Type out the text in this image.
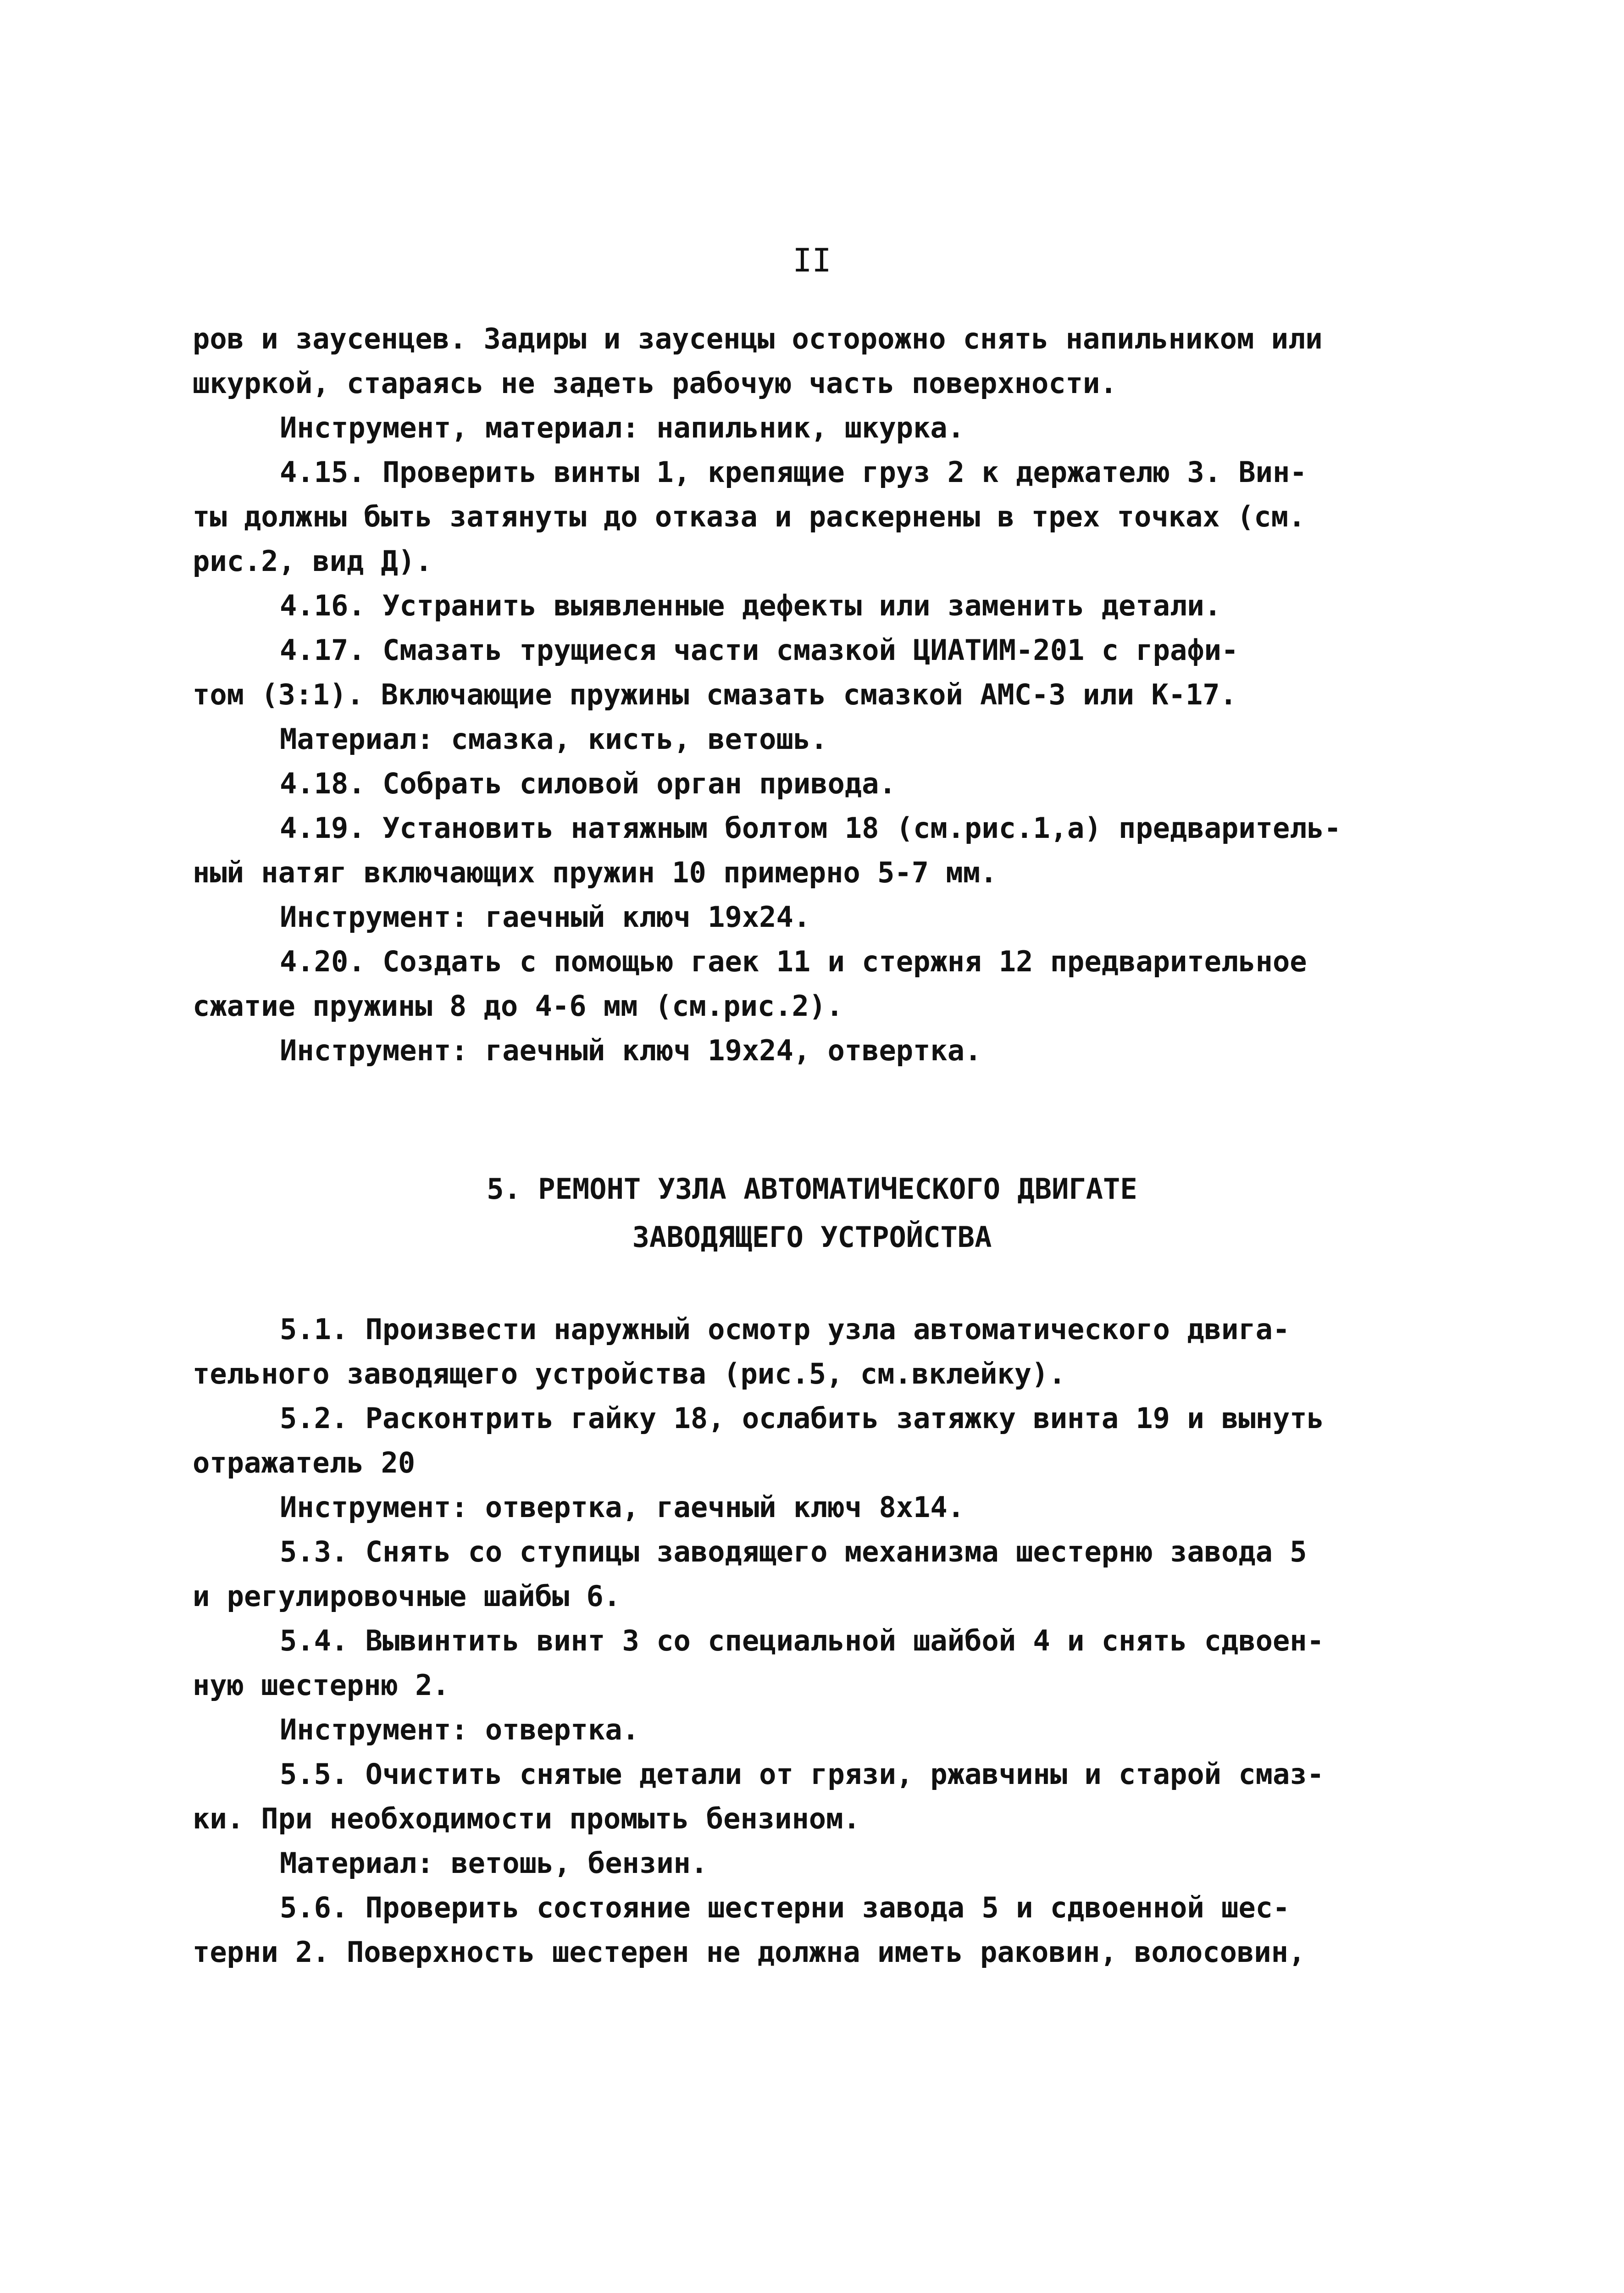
II
ров и заусенцев. Задиры и заусенцы осторожно снять напильником или
шкуркой, стараясь не задеть рабочую часть поверхности.
Инструмент, материал: напильник, шкурка.
4.15. Проверить винты 1, крепящие груз 2 к держателю 3. Вин-
ты должны быть затянуты до отказа и раскернены в трех точках (см.
рис.2, вид Д).
4.16. Устранить выявленные дефекты или заменить детали.
4.17. Смазать трущиеся части смазкой ЦИАТИМ-201 с графи-
том (3:1). Включающие пружины смазать смазкой АМС-3 или К-17.
Материал: смазка, кисть, ветошь.
4.18. Собрать силовой орган привода.
4.19. Установить натяжным болтом 18 (см.рис.1,а) предваритель-
ный натяг включающих пружин 10 примерно 5-7 мм.
Инструмент: гаечный ключ 19х24.
4.20. Создать с помощью гаек 11 и стержня 12 предварительное
сжатие пружины 8 до 4-6 мм (см.рис.2).
Инструмент: гаечный ключ 19х24, отвертка.
5. РЕМОНТ УЗЛА АВТОМАТИЧЕСКОГО ДВИГАТЕ
ЗАВОДЯЩЕГО УСТРОЙСТВА
5.1. Произвести наружный осмотр узла автоматического двига-
тельного заводящего устройства (рис.5, см.вклейку).
5.2. Расконтрить гайку 18, ослабить затяжку винта 19 и вынуть
отражатель 20
Инструмент: отвертка, гаечный ключ 8х14.
5.3. Снять со ступицы заводящего механизма шестерню завода 5
и регулировочные шайбы 6.
5.4. Вывинтить винт 3 со специальной шайбой 4 и снять сдвоен-
ную шестерню 2.
Инструмент: отвертка.
5.5. Очистить снятые детали от грязи, ржавчины и старой смаз-
ки. При необходимости промыть бензином.
Материал: ветошь, бензин.
5.6. Проверить состояние шестерни завода 5 и сдвоенной шес-
терни 2. Поверхность шестерен не должна иметь раковин, волосовин,
